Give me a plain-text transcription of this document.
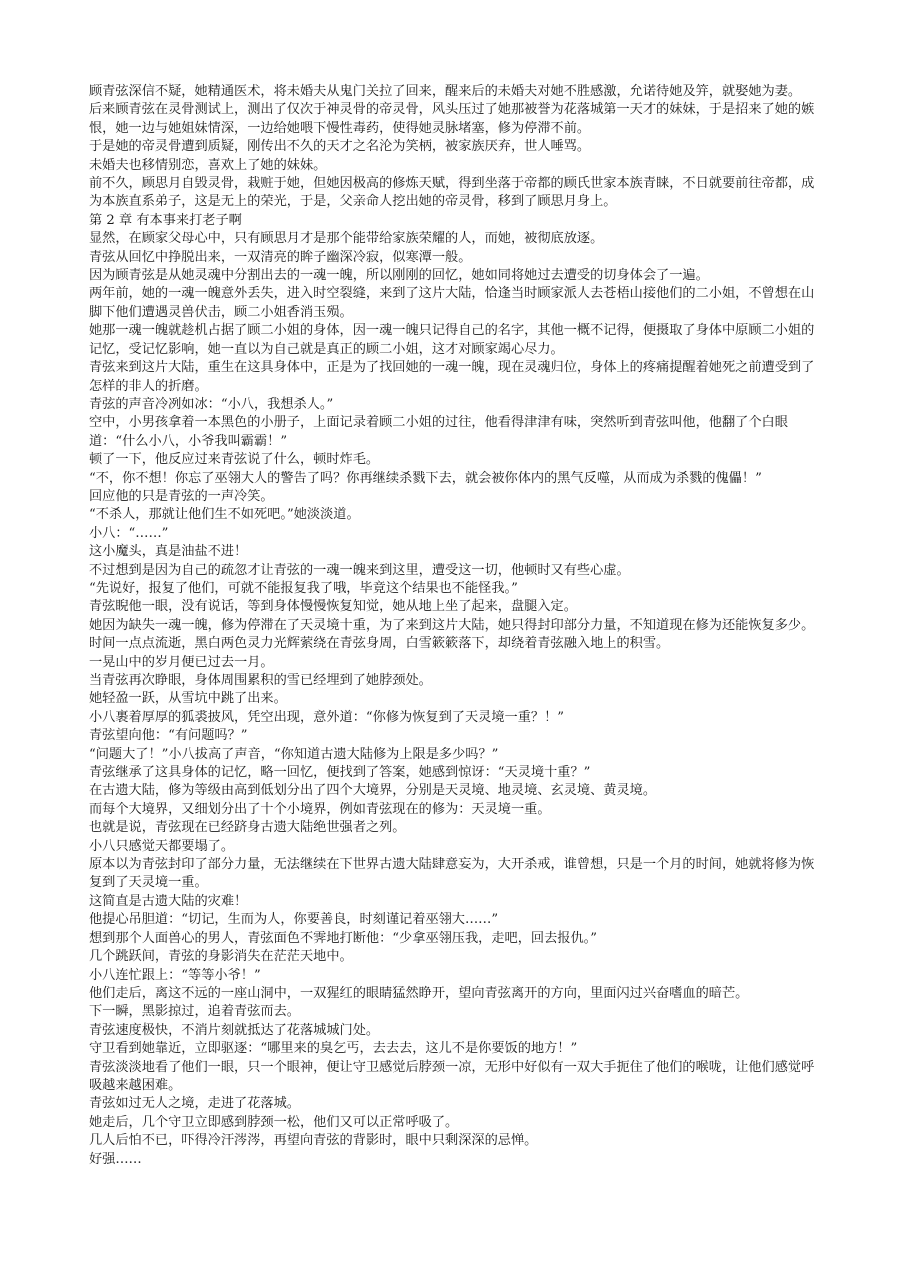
顾青弦深信不疑，她精通医术，将未婚夫从鬼门关拉了回来，醒来后的未婚夫对她不胜感激，允诺待她及笄，就娶她为妻。

后来顾青弦在灵骨测试上，测出了仅次于神灵骨的帝灵骨，风头压过了她那被誉为花落城第一天才的妹妹，于是招来了她的嫉恨，她一边与她姐妹情深，一边给她喂下慢性毒药，使得她灵脉堵塞，修为停滞不前。

于是她的帝灵骨遭到质疑，刚传出不久的天才之名沦为笑柄，被家族厌弃，世人唾骂。

未婚夫也移情别恋，喜欢上了她的妹妹。

前不久，顾思月自毁灵骨，栽赃于她，但她因极高的修炼天赋，得到坐落于帝都的顾氏世家本族青睐，不日就要前往帝都，成为本族直系弟子，这是无上的荣光，于是，父亲命人挖出她的帝灵骨，移到了顾思月身上。

第 2 章 有本事来打老子啊

显然，在顾家父母心中，只有顾思月才是那个能带给家族荣耀的人，而她，被彻底放逐。

青弦从回忆中挣脱出来，一双清亮的眸子幽深冷寂，似寒潭一般。

因为顾青弦是从她灵魂中分割出去的一魂一魄，所以刚刚的回忆，她如同将她过去遭受的切身体会了一遍。

两年前，她的一魂一魄意外丢失，进入时空裂缝，来到了这片大陆，恰逢当时顾家派人去苍梧山接他们的二小姐，不曾想在山脚下他们遭遇灵兽伏击，顾二小姐香消玉殒。

她那一魂一魄就趁机占据了顾二小姐的身体，因一魂一魄只记得自己的名字，其他一概不记得，便摄取了身体中原顾二小姐的记忆，受记忆影响，她一直以为自己就是真正的顾二小姐，这才对顾家竭心尽力。

青弦来到这片大陆，重生在这具身体中，正是为了找回她的一魂一魄，现在灵魂归位，身体上的疼痛提醒着她死之前遭受到了怎样的非人的折磨。

青弦的声音冷冽如冰：“小八，我想杀人。”

空中，小男孩拿着一本黑色的小册子，上面记录着顾二小姐的过往，他看得津津有味，突然听到青弦叫他，他翻了个白眼道：“什么小八，小爷我叫霸霸！”

顿了一下，他反应过来青弦说了什么，顿时炸毛。

“不，你不想！你忘了巫翎大人的警告了吗？你再继续杀戮下去，就会被你体内的黑气反噬，从而成为杀戮的傀儡！”

回应他的只是青弦的一声冷笑。

“不杀人，那就让他们生不如死吧。”她淡淡道。

小八：“……”

这小魔头，真是油盐不进！

不过想到是因为自己的疏忽才让青弦的一魂一魄来到这里，遭受这一切，他顿时又有些心虚。

“先说好，报复了他们，可就不能报复我了哦，毕竟这个结果也不能怪我。”

青弦睨他一眼，没有说话，等到身体慢慢恢复知觉，她从地上坐了起来，盘腿入定。

她因为缺失一魂一魄，修为停滞在了天灵境十重，为了来到这片大陆，她只得封印部分力量，不知道现在修为还能恢复多少。

时间一点点流逝，黑白两色灵力光辉萦绕在青弦身周，白雪簌簌落下，却绕着青弦融入地上的积雪。

一晃山中的岁月便已过去一月。

当青弦再次睁眼，身体周围累积的雪已经埋到了她脖颈处。

她轻盈一跃，从雪坑中跳了出来。

小八裹着厚厚的狐裘披风，凭空出现，意外道：“你修为恢复到了天灵境一重？！”

青弦望向他：“有问题吗？”

“问题大了！”小八拔高了声音，“你知道古遗大陆修为上限是多少吗？”

青弦继承了这具身体的记忆，略一回忆，便找到了答案，她感到惊讶：“天灵境十重？”

在古遗大陆，修为等级由高到低划分出了四个大境界，分别是天灵境、地灵境、玄灵境、黄灵境。

而每个大境界，又细划分出了十个小境界，例如青弦现在的修为：天灵境一重。

也就是说，青弦现在已经跻身古遗大陆绝世强者之列。

小八只感觉天都要塌了。

原本以为青弦封印了部分力量，无法继续在下世界古遗大陆肆意妄为，大开杀戒，谁曾想，只是一个月的时间，她就将修为恢复到了天灵境一重。

这简直是古遗大陆的灾难！

他提心吊胆道：“切记，生而为人，你要善良，时刻谨记着巫翎大……”

想到那个人面兽心的男人，青弦面色不霁地打断他：“少拿巫翎压我，走吧，回去报仇。”

几个跳跃间，青弦的身影消失在茫茫天地中。

小八连忙跟上：“等等小爷！”

他们走后，离这不远的一座山洞中，一双猩红的眼睛猛然睁开，望向青弦离开的方向，里面闪过兴奋嗜血的暗芒。

下一瞬，黑影掠过，追着青弦而去。

青弦速度极快，不消片刻就抵达了花落城城门处。

守卫看到她靠近，立即驱逐：“哪里来的臭乞丐，去去去，这儿不是你要饭的地方！”

青弦淡淡地看了他们一眼，只一个眼神，便让守卫感觉后脖颈一凉，无形中好似有一双大手扼住了他们的喉咙，让他们感觉呼吸越来越困难。

青弦如过无人之境，走进了花落城。

她走后，几个守卫立即感到脖颈一松，他们又可以正常呼吸了。

几人后怕不已，吓得冷汗涔涔，再望向青弦的背影时，眼中只剩深深的忌惮。

好强……
